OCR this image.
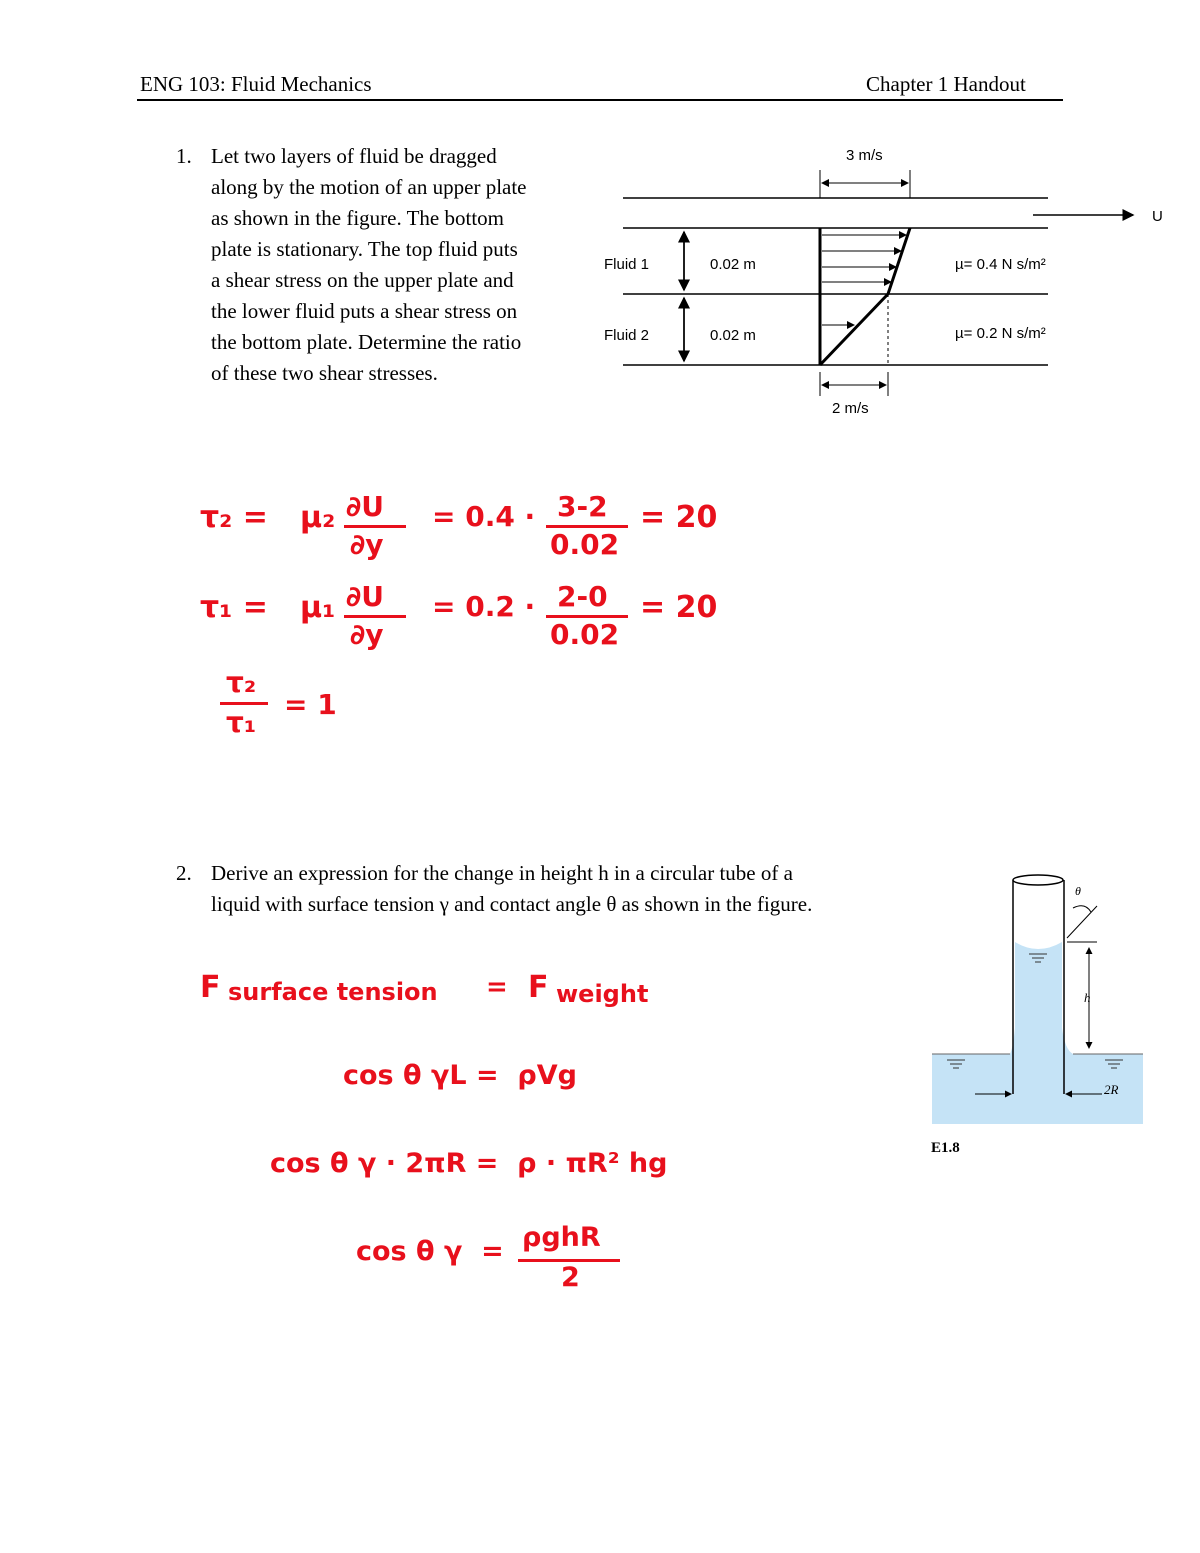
ENG 103: Fluid Mechanics	Chapter 1 Handout
1. Let two layers of fluid be dragged
along by the motion of an upper plate
as shown in the figure. The bottom
plate is stationary. The top fluid puts
a shear stress on the upper plate and
the lower fluid puts a shear stress on
the bottom plate. Determine the ratio
of these two shear stresses.
3 m/s
2 m/s
U
Fluid 1
Fluid 2
0.02 m
0.02 m
µ= 0.4 N s/m²
µ= 0.2 N s/m²
τ₂ = µ₂ ∂U
∂y
= 0.4 · 3-2
0.02
= 20
τ₁ = µ₁ ∂U
∂y
= 0.2 · 2-0
0.02
= 20
τ₂
τ₁
= 1
2. Derive an expression for the change in height h in a circular tube of a
liquid with surface tension γ and contact angle θ as shown in the figure.
θ
h
2R
E1.8
F surface tension = F weight
cos θ γL =  ρVg
cos θ γ · 2πR =  ρ · πR² hg
cos θ γ  = ρghR
2
